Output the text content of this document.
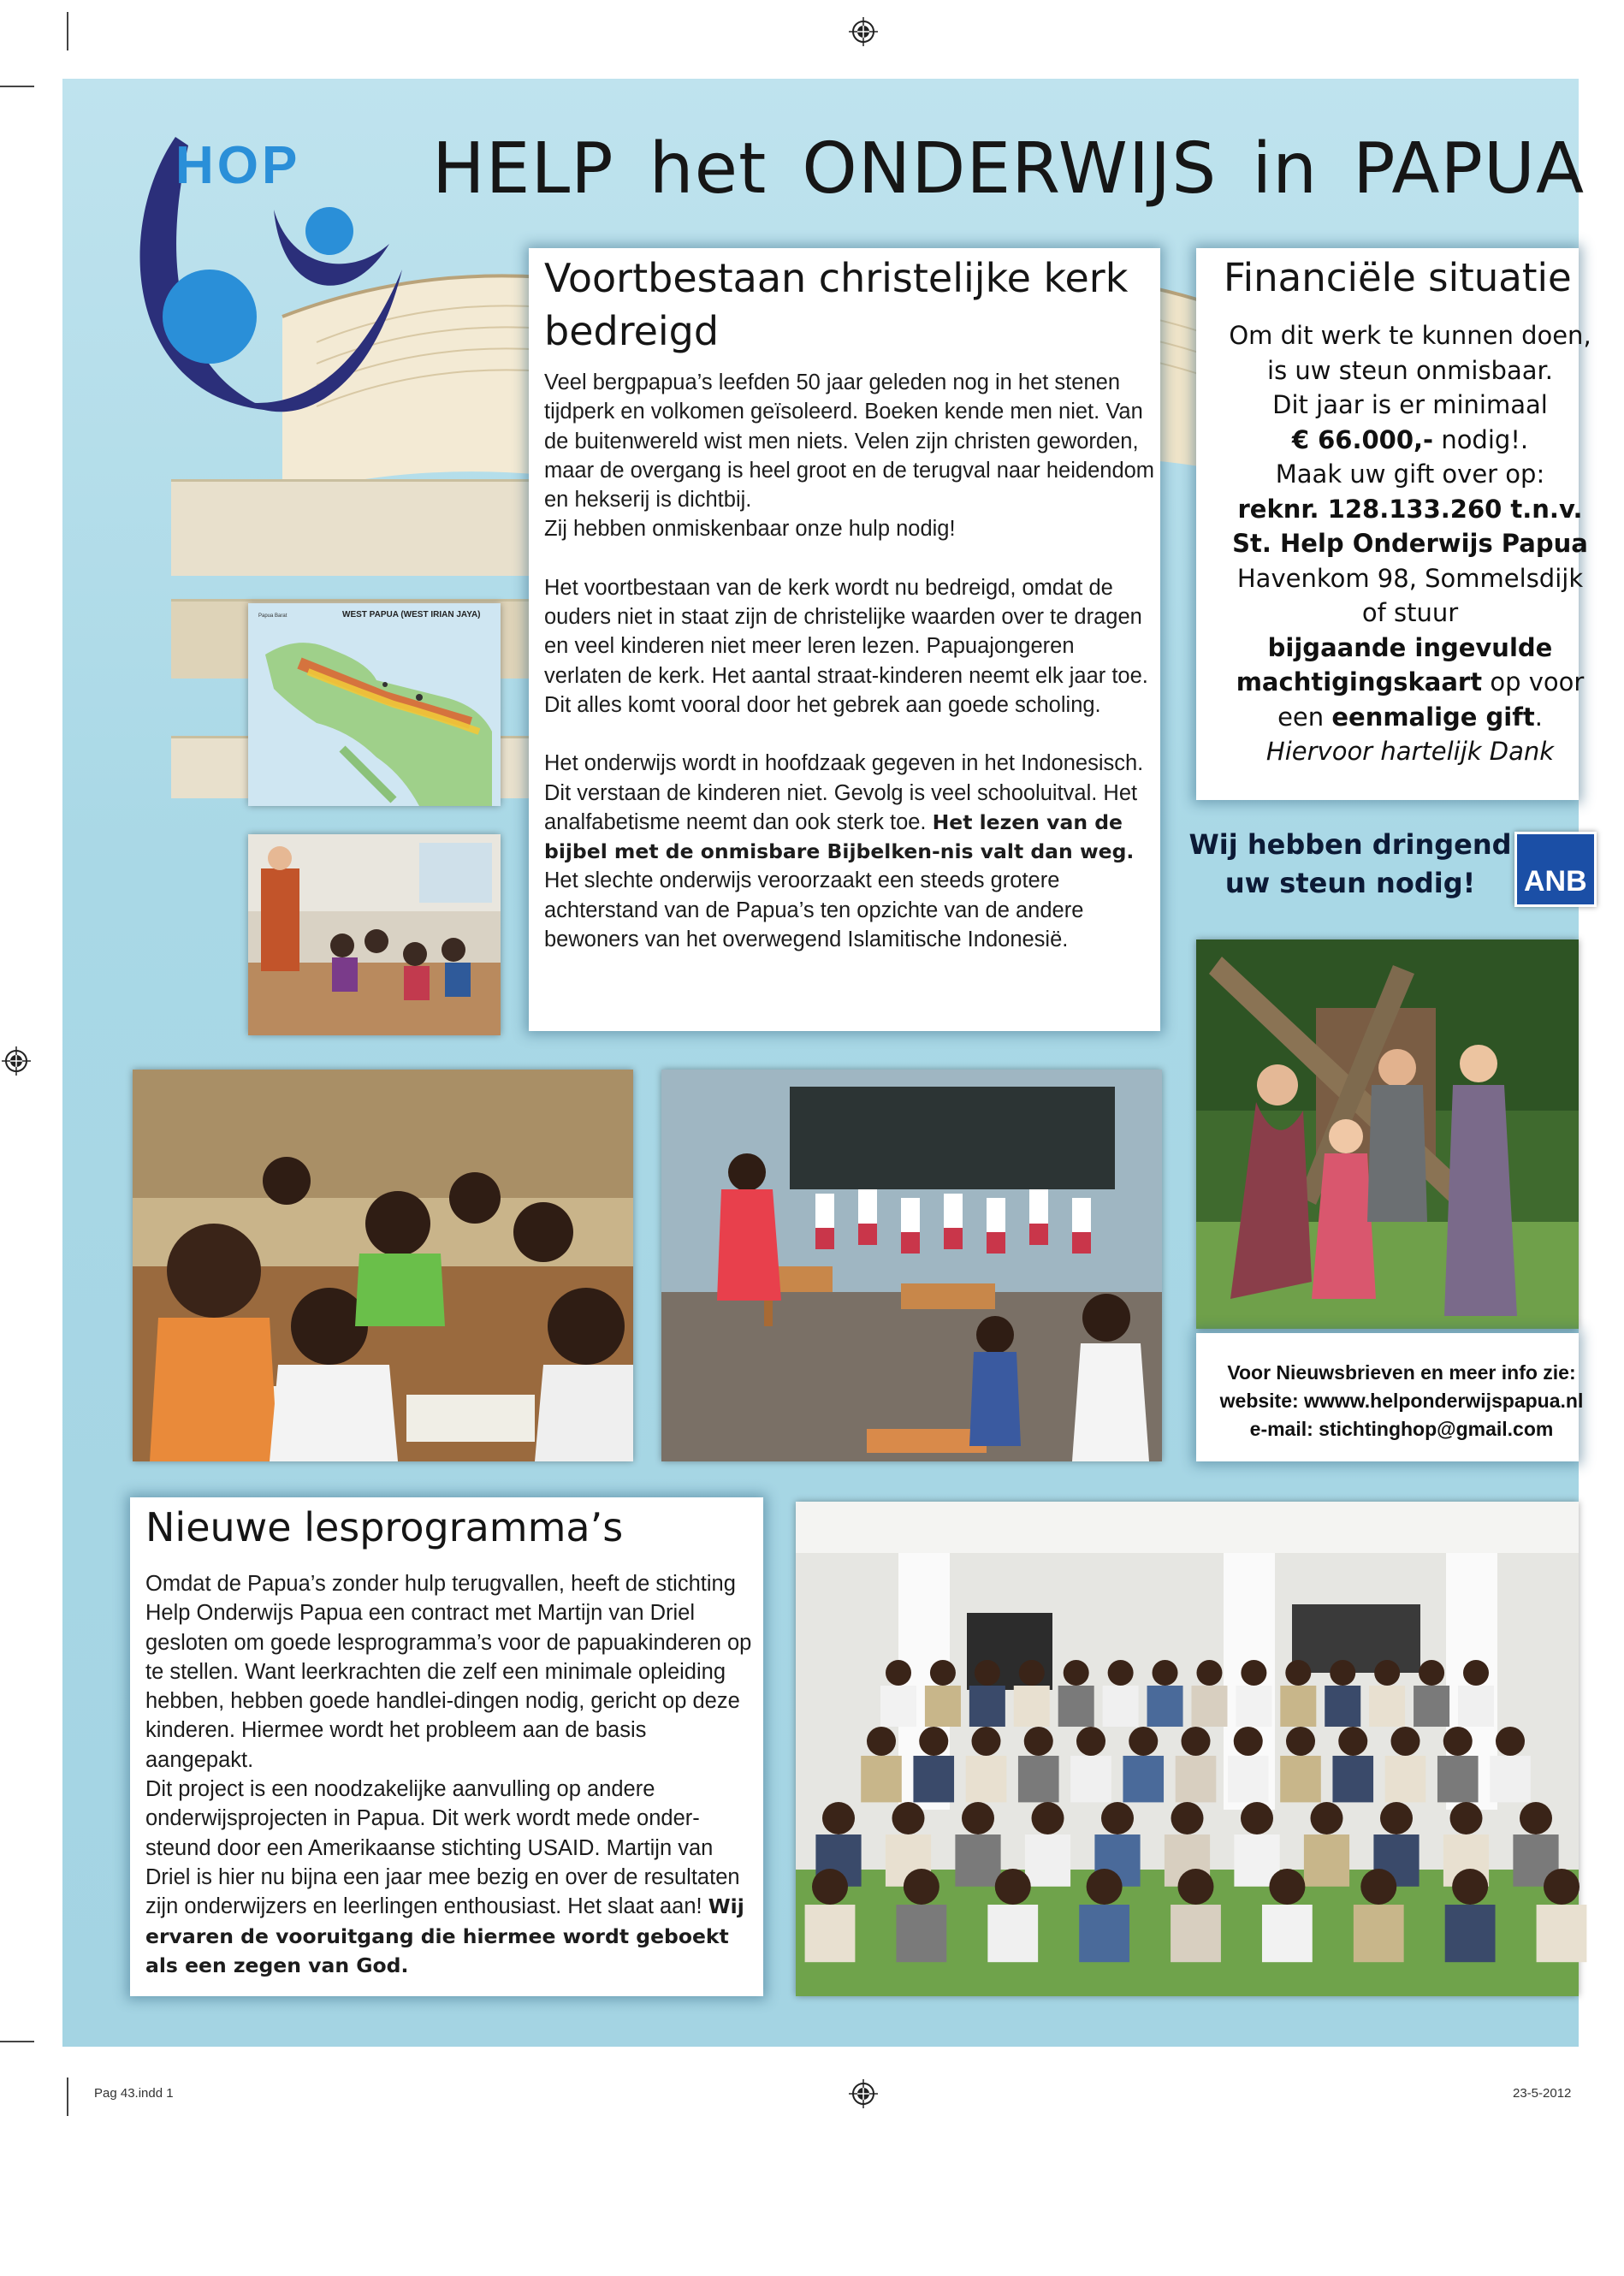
HOP HELP het ONDERWIJS in PAPUA
Papua Barat	WEST PAPUA (WEST IRIAN JAYA)
Voortbestaan christelijke kerk bedreigd

Veel bergpapua’s leefden 50 jaar geleden nog in het stenen tijdperk en volkomen geïsoleerd. Boeken kende men niet. Van de buitenwereld wist men niets. Velen zijn christen geworden, maar de overgang is heel groot en de terugval naar heidendom en hekserij is dichtbij.
Zij hebben onmiskenbaar onze hulp nodig!

Het voortbestaan van de kerk wordt nu bedreigd, omdat de ouders niet in staat zijn de christelijke waarden over te dragen en veel kinderen niet meer leren lezen. Papuajongeren verlaten de kerk. Het aantal straat-kinderen neemt elk jaar toe. Dit alles komt vooral door het gebrek aan goede scholing.

Het onderwijs wordt in hoofdzaak gegeven in het Indonesisch. Dit verstaan de kinderen niet. Gevolg is veel schooluitval. Het analfabetisme neemt dan ook sterk toe. Het lezen van de bijbel met de onmisbare Bijbelken-nis valt dan weg. Het slechte onderwijs veroorzaakt een steeds grotere achterstand van de Papua’s ten opzichte van de andere bewoners van het overwegend Islamitische Indonesië.

Financiële situatie
Om dit werk te kunnen doen,
is uw steun onmisbaar.
Dit jaar is er minimaal
€ 66.000,- nodig!.
Maak uw gift over op:
reknr. 128.133.260 t.n.v.
St. Help Onderwijs Papua
Havenkom 98, Sommelsdijk
of stuur
bijgaande ingevulde
machtigingskaart op voor
een eenmalige gift.
Hiervoor hartelijk Dank
Wij hebben dringend
uw steun nodig!	ANB
Voor Nieuwsbrieven en meer info zie:
website: wwww.helponderwijspapua.nl
e-mail: stichtinghop@gmail.com
Nieuwe lesprogramma’s
Omdat de Papua’s zonder hulp terugvallen, heeft de stichting Help Onderwijs Papua een contract met Martijn van Driel gesloten om goede lesprogramma’s voor de papuakinderen op te stellen. Want leerkrachten die zelf een minimale opleiding hebben, hebben goede handlei-dingen nodig, gericht op deze kinderen. Hiermee wordt het probleem aan de basis aangepakt.
Dit project is een noodzakelijke aanvulling op andere onderwijsprojecten in Papua. Dit werk wordt mede onder-steund door een Amerikaanse stichting USAID. Martijn van Driel is hier nu bijna een jaar mee bezig en over de resultaten zijn onderwijzers en leerlingen enthousiast. Het slaat aan! Wij ervaren de vooruitgang die hiermee wordt geboekt als een zegen van God.
Pag 43.indd 1	23-5-2012
